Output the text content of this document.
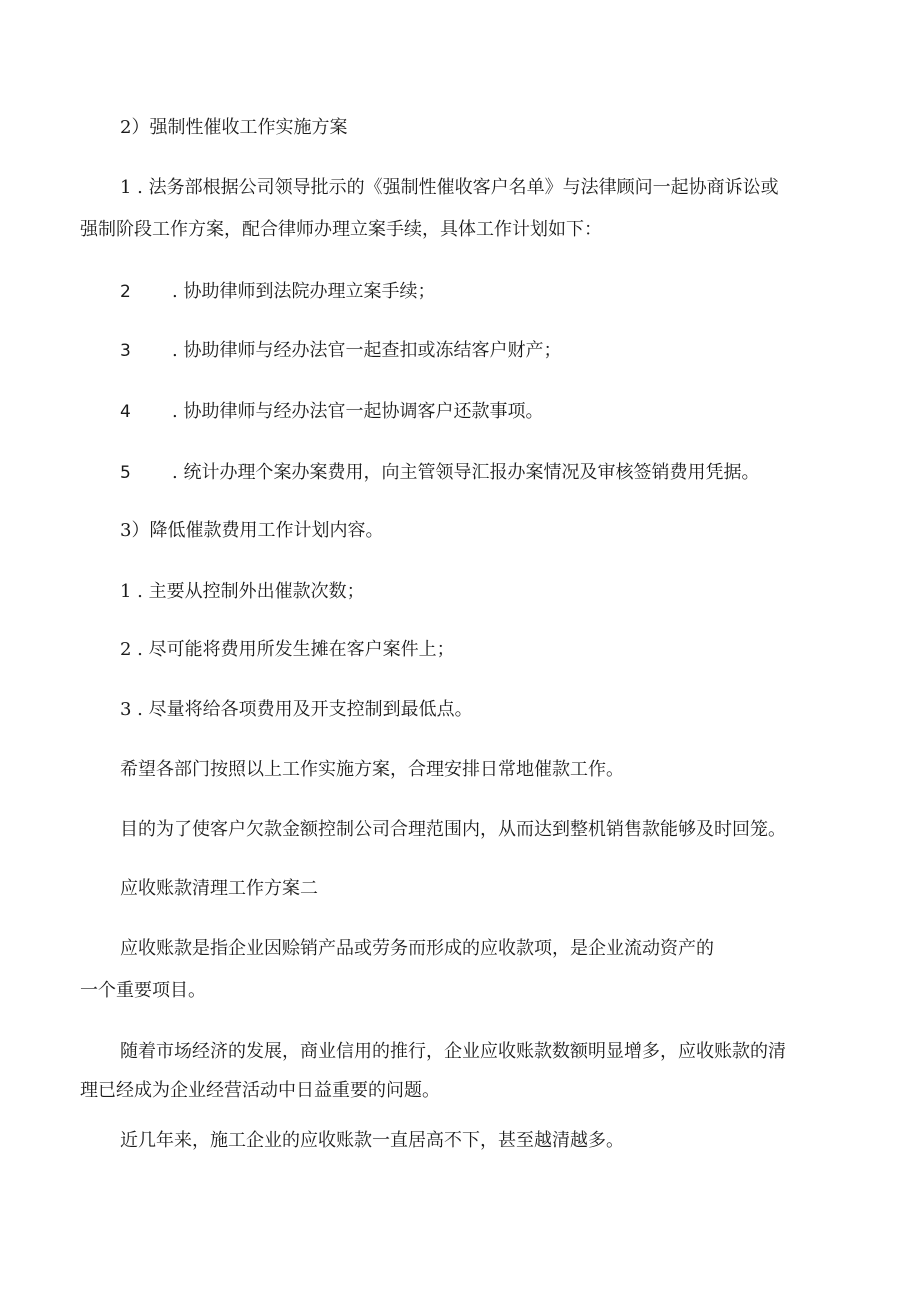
2）强制性催收工作实施方案
1 . 法务部根据公司领导批示的《强制性催收客户名单》与法律顾问一起协商诉讼或
强制阶段工作方案，配合律师办理立案手续，具体工作计划如下：
2 . 协助律师到法院办理立案手续；
3 . 协助律师与经办法官一起查扣或冻结客户财产；
4 . 协助律师与经办法官一起协调客户还款事项。
5 . 统计办理个案办案费用，向主管领导汇报办案情况及审核签销费用凭据。
3）降低催款费用工作计划内容。
1 . 主要从控制外出催款次数；
2 . 尽可能将费用所发生摊在客户案件上；
3 . 尽量将给各项费用及开支控制到最低点。
希望各部门按照以上工作实施方案，合理安排日常地催款工作。
目的为了使客户欠款金额控制公司合理范围内，从而达到整机销售款能够及时回笼。
应收账款清理工作方案二
应收账款是指企业因赊销产品或劳务而形成的应收款项，是企业流动资产的
一个重要项目。
随着市场经济的发展，商业信用的推行，企业应收账款数额明显增多，应收账款的清
理已经成为企业经营活动中日益重要的问题。
近几年来，施工企业的应收账款一直居高不下，甚至越清越多。
